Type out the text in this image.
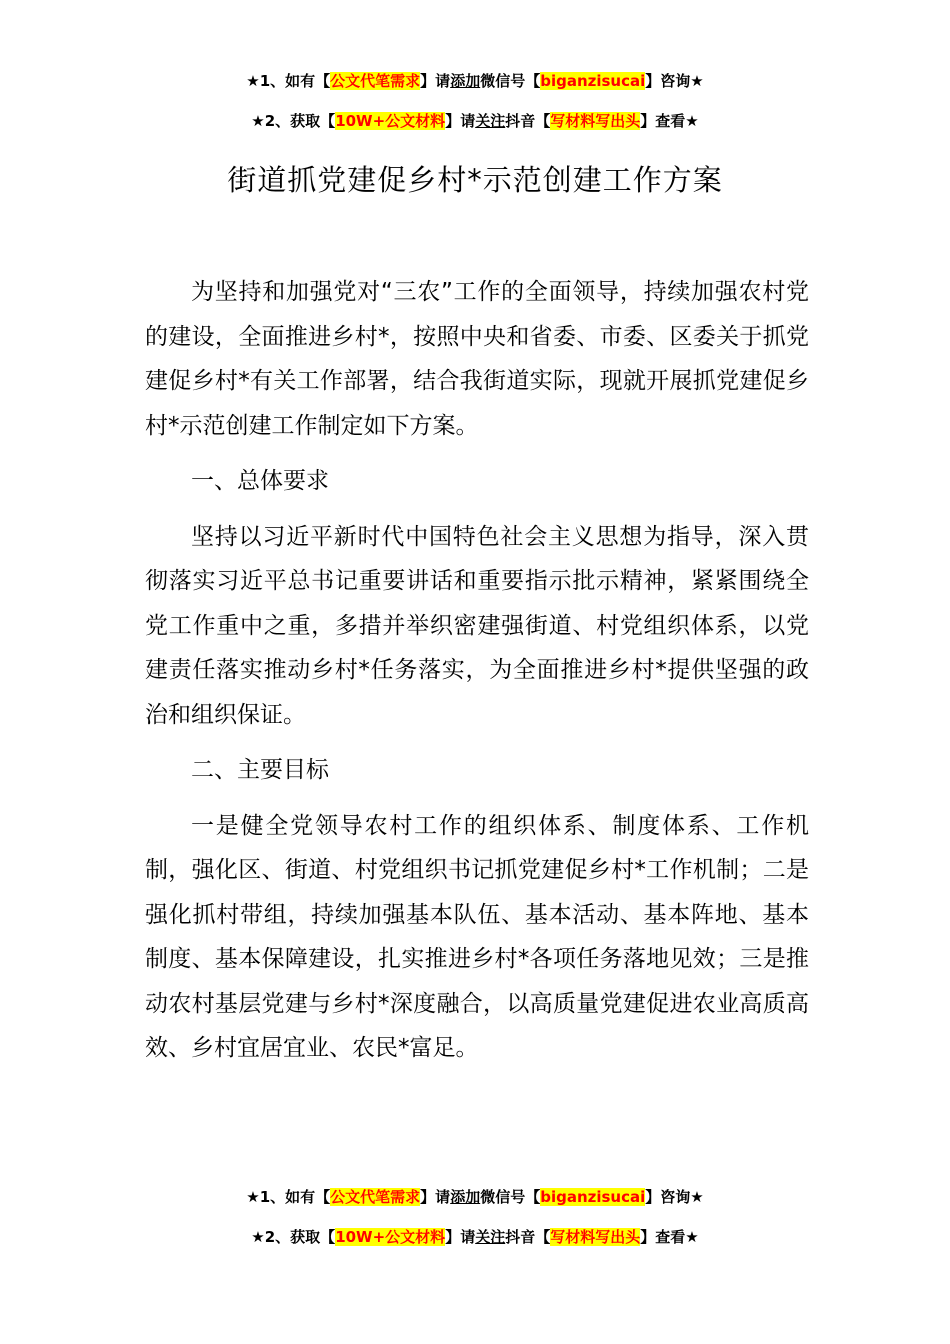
★1、如有【公文代笔需求】请添加微信号【biganzisucai】咨询★
★2、获取【10W+公文材料】请关注抖音【写材料写出头】查看★
街道抓党建促乡村*示范创建工作方案

为坚持和加强党对“三农”工作的全面领导，持续加强农村党的建设，全面推进乡村*，按照中央和省委、市委、区委关于抓党建促乡村*有关工作部署，结合我街道实际，现就开展抓党建促乡村*示范创建工作制定如下方案。

一、总体要求

坚持以习近平新时代中国特色社会主义思想为指导，深入贯彻落实习近平总书记重要讲话和重要指示批示精神，紧紧围绕全党工作重中之重，多措并举织密建强街道、村党组织体系，以党建责任落实推动乡村*任务落实，为全面推进乡村*提供坚强的政治和组织保证。

二、主要目标

一是健全党领导农村工作的组织体系、制度体系、工作机制，强化区、街道、村党组织书记抓党建促乡村*工作机制；二是强化抓村带组，持续加强基本队伍、基本活动、基本阵地、基本制度、基本保障建设，扎实推进乡村*各项任务落地见效；三是推动农村基层党建与乡村*深度融合，以高质量党建促进农业高质高效、乡村宜居宜业、农民*富足。

★1、如有【公文代笔需求】请添加微信号【biganzisucai】咨询★
★2、获取【10W+公文材料】请关注抖音【写材料写出头】查看★
